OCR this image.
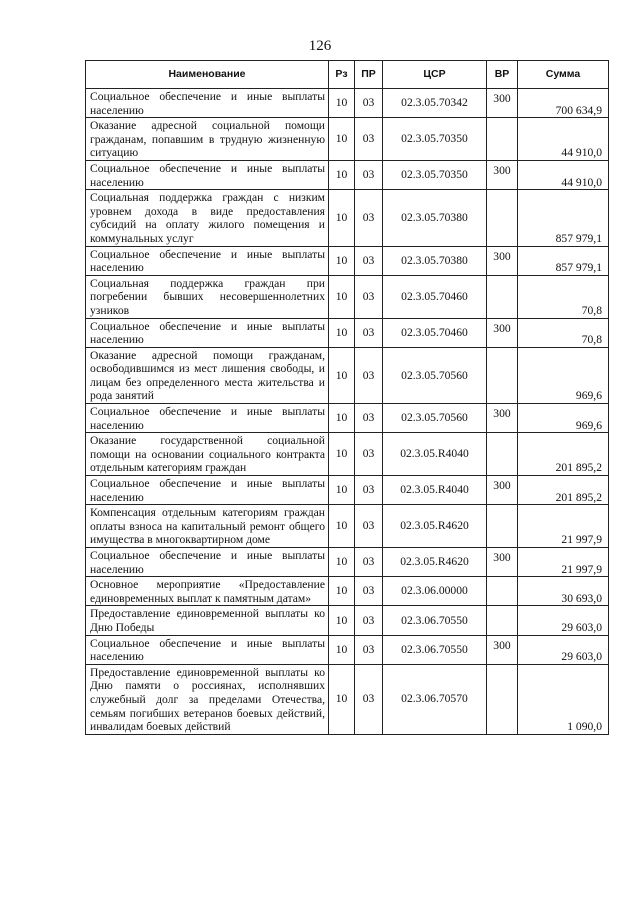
126
Наименование	Рз	ПР	ЦСР	ВР	Сумма
Социальное обеспечение и иные выплаты населению	10	03	02.3.05.70342	300	700 634,9
Оказание адресной социальной помощи гражданам, попавшим в трудную жизненную ситуацию	10	03	02.3.05.70350		44 910,0
Социальное обеспечение и иные выплаты населению	10	03	02.3.05.70350	300	44 910,0
Социальная поддержка граждан с низким уровнем дохода в виде предоставления субсидий на оплату жилого помещения и коммунальных услуг	10	03	02.3.05.70380		857 979,1
Социальное обеспечение и иные выплаты населению	10	03	02.3.05.70380	300	857 979,1
Социальная поддержка граждан при погребении бывших несовершеннолетних узников	10	03	02.3.05.70460		70,8
Социальное обеспечение и иные выплаты населению	10	03	02.3.05.70460	300	70,8
Оказание адресной помощи гражданам, освободившимся из мест лишения свободы, и лицам без определенного места жительства и рода занятий	10	03	02.3.05.70560		969,6
Социальное обеспечение и иные выплаты населению	10	03	02.3.05.70560	300	969,6
Оказание государственной социальной помощи на основании социального контракта отдельным категориям граждан	10	03	02.3.05.R4040		201 895,2
Социальное обеспечение и иные выплаты населению	10	03	02.3.05.R4040	300	201 895,2
Компенсация отдельным категориям граждан оплаты взноса на капитальный ремонт общего имущества в многоквартирном доме	10	03	02.3.05.R4620		21 997,9
Социальное обеспечение и иные выплаты населению	10	03	02.3.05.R4620	300	21 997,9
Основное мероприятие «Предоставление единовременных выплат к памятным датам»	10	03	02.3.06.00000		30 693,0
Предоставление единовременной выплаты ко Дню Победы	10	03	02.3.06.70550		29 603,0
Социальное обеспечение и иные выплаты населению	10	03	02.3.06.70550	300	29 603,0
Предоставление единовременной выплаты ко Дню памяти о россиянах, исполнявших служебный долг за пределами Отечества, семьям погибших ветеранов боевых действий, инвалидам боевых действий	10	03	02.3.06.70570		1 090,0
